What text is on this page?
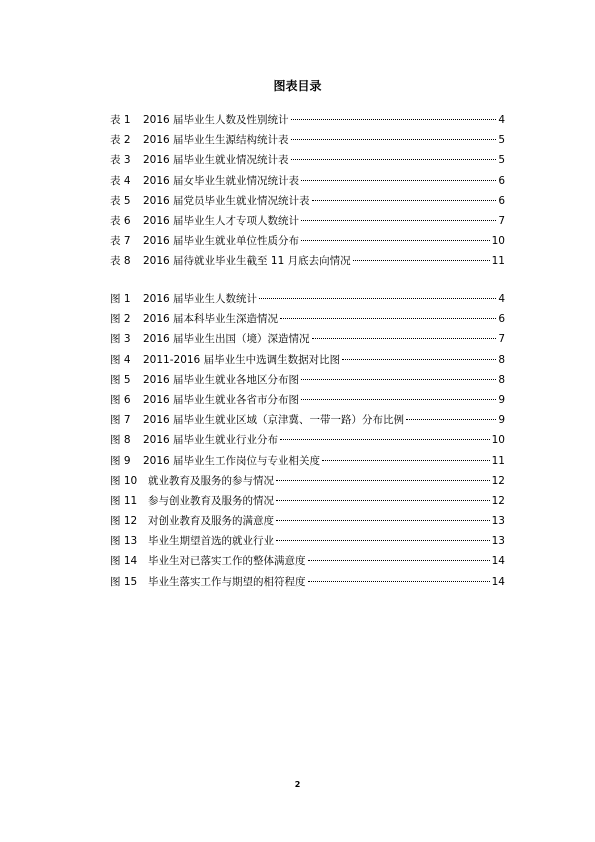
图表目录
表 1	2016 届毕业生人数及性别统计	4
表 2	2016 届毕业生生源结构统计表	5
表 3	2016 届毕业生就业情况统计表	5
表 4	2016 届女毕业生就业情况统计表	6
表 5	2016 届党员毕业生就业情况统计表	6
表 6	2016 届毕业生人才专项人数统计	7
表 7	2016 届毕业生就业单位性质分布	10
表 8	2016 届待就业毕业生截至 11 月底去向情况	11
图 1	2016 届毕业生人数统计	4
图 2	2016 届本科毕业生深造情况	6
图 3	2016 届毕业生出国（境）深造情况	7
图 4	2011-2016 届毕业生中选调生数据对比图	8
图 5	2016 届毕业生就业各地区分布图	8
图 6	2016 届毕业生就业各省市分布图	9
图 7	2016 届毕业生就业区域（京津冀、一带一路）分布比例	9
图 8	2016 届毕业生就业行业分布	10
图 9	2016 届毕业生工作岗位与专业相关度	11
图 10	就业教育及服务的参与情况	12
图 11	参与创业教育及服务的情况	12
图 12	对创业教育及服务的满意度	13
图 13	毕业生期望首选的就业行业	13
图 14	毕业生对已落实工作的整体满意度	14
图 15	毕业生落实工作与期望的相符程度	14
2
